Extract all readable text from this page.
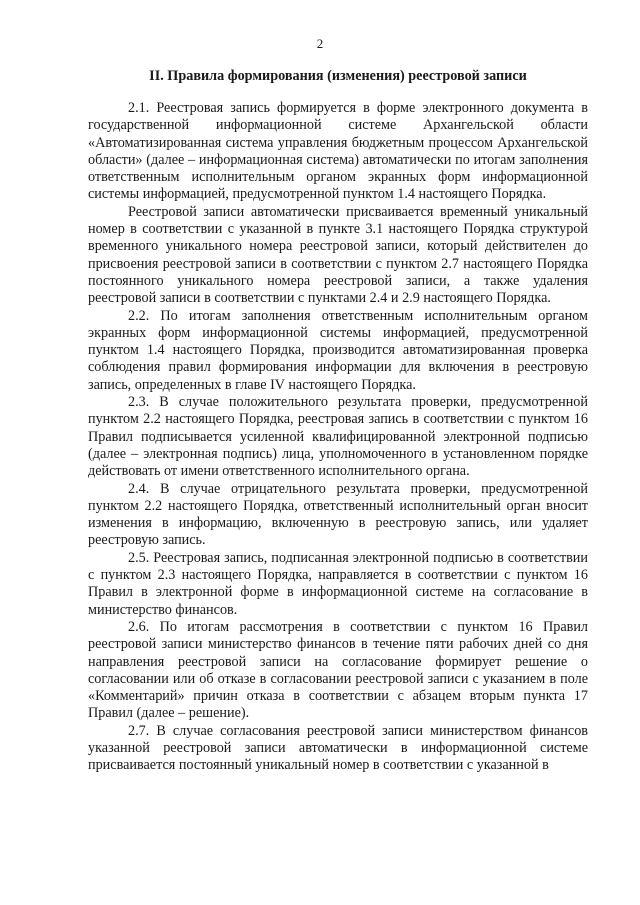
2
II. Правила формирования (изменения) реестровой записи

2.1. Реестровая запись формируется в форме электронного документа в государственной информационной системе Архангельской области «Автоматизированная система управления бюджетным процессом Архангельской области» (далее – информационная система) автоматически по итогам заполнения ответственным исполнительным органом экранных форм информационной системы информацией, предусмотренной пунктом 1.4 настоящего Порядка.

Реестровой записи автоматически присваивается временный уникальный номер в соответствии с указанной в пункте 3.1 настоящего Порядка структурой временного уникального номера реестровой записи, который действителен до присвоения реестровой записи в соответствии с пунктом 2.7 настоящего Порядка постоянного уникального номера реестровой записи, а также удаления реестровой записи в соответствии с пунктами 2.4 и 2.9 настоящего Порядка.

2.2. По итогам заполнения ответственным исполнительным органом экранных форм информационной системы информацией, предусмотренной пунктом 1.4 настоящего Порядка, производится автоматизированная проверка соблюдения правил формирования информации для включения в реестровую запись, определенных в главе IV настоящего Порядка.

2.3. В случае положительного результата проверки, предусмотренной пунктом 2.2 настоящего Порядка, реестровая запись в соответствии с пунктом 16 Правил подписывается усиленной квалифицированной электронной подписью (далее – электронная подпись) лица, уполномоченного в установленном порядке действовать от имени ответственного исполнительного органа.

2.4. В случае отрицательного результата проверки, предусмотренной пунктом 2.2 настоящего Порядка, ответственный исполнительный орган вносит изменения в информацию, включенную в реестровую запись, или удаляет реестровую запись.

2.5. Реестровая запись, подписанная электронной подписью в соответствии с пунктом 2.3 настоящего Порядка, направляется в соответствии с пунктом 16 Правил в электронной форме в информационной системе на согласование в министерство финансов.

2.6. По итогам рассмотрения в соответствии с пунктом 16 Правил реестровой записи министерство финансов в течение пяти рабочих дней со дня направления реестровой записи на согласование формирует решение о согласовании или об отказе в согласовании реестровой записи с указанием в поле «Комментарий» причин отказа в соответствии с абзацем вторым пункта 17 Правил (далее – решение).

2.7. В случае согласования реестровой записи министерством финансов указанной реестровой записи автоматически в информационной системе присваивается постоянный уникальный номер в соответствии с указанной в
